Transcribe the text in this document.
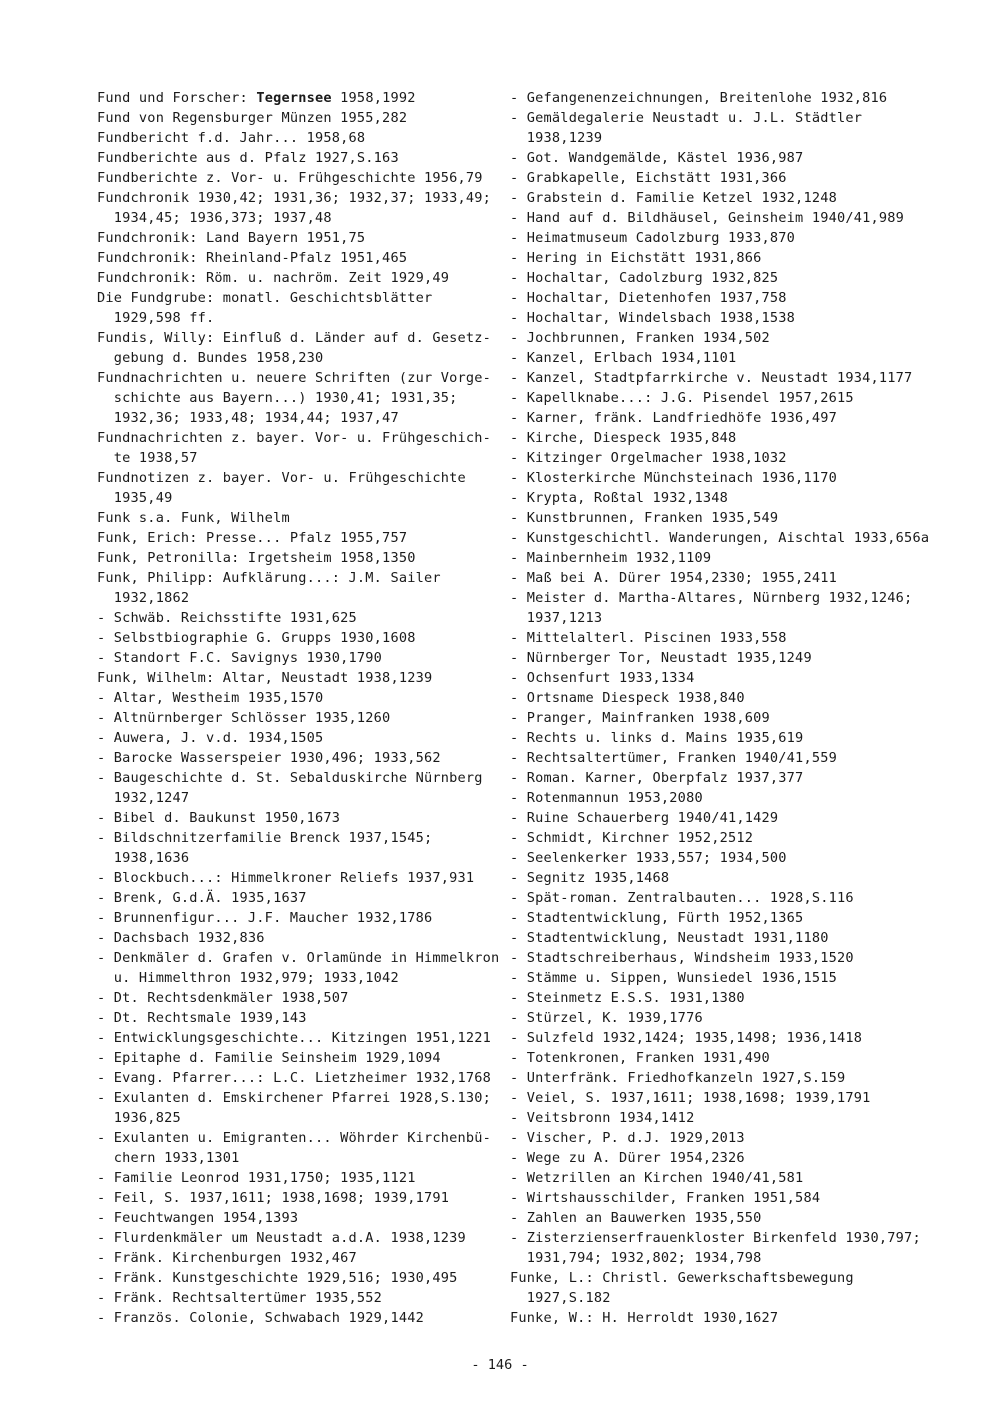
Fund und Forscher: Tegernsee 1958,1992
Fund von Regensburger Münzen 1955,282
Fundbericht f.d. Jahr... 1958,68
Fundberichte aus d. Pfalz 1927,S.163
Fundberichte z. Vor- u. Frühgeschichte 1956,79
Fundchronik 1930,42; 1931,36; 1932,37; 1933,49;
1934,45; 1936,373; 1937,48
Fundchronik: Land Bayern 1951,75
Fundchronik: Rheinland-Pfalz 1951,465
Fundchronik: Röm. u. nachröm. Zeit 1929,49
Die Fundgrube: monatl. Geschichtsblätter
1929,598 ff.
Fundis, Willy: Einfluß d. Länder auf d. Gesetz-
gebung d. Bundes 1958,230
Fundnachrichten u. neuere Schriften (zur Vorge-
schichte aus Bayern...) 1930,41; 1931,35;
1932,36; 1933,48; 1934,44; 1937,47
Fundnachrichten z. bayer. Vor- u. Frühgeschich-
te 1938,57
Fundnotizen z. bayer. Vor- u. Frühgeschichte
1935,49
Funk s.a. Funk, Wilhelm
Funk, Erich: Presse... Pfalz 1955,757
Funk, Petronilla: Irgetsheim 1958,1350
Funk, Philipp: Aufklärung...: J.M. Sailer
1932,1862
- Schwäb. Reichsstifte 1931,625
- Selbstbiographie G. Grupps 1930,1608
- Standort F.C. Savignys 1930,1790
Funk, Wilhelm: Altar, Neustadt 1938,1239
- Altar, Westheim 1935,1570
- Altnürnberger Schlösser 1935,1260
- Auwera, J. v.d. 1934,1505
- Barocke Wasserspeier 1930,496; 1933,562
- Baugeschichte d. St. Sebalduskirche Nürnberg
1932,1247
- Bibel d. Baukunst 1950,1673
- Bildschnitzerfamilie Brenck 1937,1545;
1938,1636
- Blockbuch...: Himmelkroner Reliefs 1937,931
- Brenk, G.d.Ä. 1935,1637
- Brunnenfigur... J.F. Maucher 1932,1786
- Dachsbach 1932,836
- Denkmäler d. Grafen v. Orlamünde in Himmelkron
u. Himmelthron 1932,979; 1933,1042
- Dt. Rechtsdenkmäler 1938,507
- Dt. Rechtsmale 1939,143
- Entwicklungsgeschichte... Kitzingen 1951,1221
- Epitaphe d. Familie Seinsheim 1929,1094
- Evang. Pfarrer...: L.C. Lietzheimer 1932,1768
- Exulanten d. Emskirchener Pfarrei 1928,S.130;
1936,825
- Exulanten u. Emigranten... Wöhrder Kirchenbü-
chern 1933,1301
- Familie Leonrod 1931,1750; 1935,1121
- Feil, S. 1937,1611; 1938,1698; 1939,1791
- Feuchtwangen 1954,1393
- Flurdenkmäler um Neustadt a.d.A. 1938,1239
- Fränk. Kirchenburgen 1932,467
- Fränk. Kunstgeschichte 1929,516; 1930,495
- Fränk. Rechtsaltertümer 1935,552
- Französ. Colonie, Schwabach 1929,1442
- Gefangenenzeichnungen, Breitenlohe 1932,816
- Gemäldegalerie Neustadt u. J.L. Städtler
1938,1239
- Got. Wandgemälde, Kästel 1936,987
- Grabkapelle, Eichstätt 1931,366
- Grabstein d. Familie Ketzel 1932,1248
- Hand auf d. Bildhäusel, Geinsheim 1940/41,989
- Heimatmuseum Cadolzburg 1933,870
- Hering in Eichstätt 1931,866
- Hochaltar, Cadolzburg 1932,825
- Hochaltar, Dietenhofen 1937,758
- Hochaltar, Windelsbach 1938,1538
- Jochbrunnen, Franken 1934,502
- Kanzel, Erlbach 1934,1101
- Kanzel, Stadtpfarrkirche v. Neustadt 1934,1177
- Kapellknabe...: J.G. Pisendel 1957,2615
- Karner, fränk. Landfriedhöfe 1936,497
- Kirche, Diespeck 1935,848
- Kitzinger Orgelmacher 1938,1032
- Klosterkirche Münchsteinach 1936,1170
- Krypta, Roßtal 1932,1348
- Kunstbrunnen, Franken 1935,549
- Kunstgeschichtl. Wanderungen, Aischtal 1933,656a
- Mainbernheim 1932,1109
- Maß bei A. Dürer 1954,2330; 1955,2411
- Meister d. Martha-Altares, Nürnberg 1932,1246;
1937,1213
- Mittelalterl. Piscinen 1933,558
- Nürnberger Tor, Neustadt 1935,1249
- Ochsenfurt 1933,1334
- Ortsname Diespeck 1938,840
- Pranger, Mainfranken 1938,609
- Rechts u. links d. Mains 1935,619
- Rechtsaltertümer, Franken 1940/41,559
- Roman. Karner, Oberpfalz 1937,377
- Rotenmannun 1953,2080
- Ruine Schauerberg 1940/41,1429
- Schmidt, Kirchner 1952,2512
- Seelenkerker 1933,557; 1934,500
- Segnitz 1935,1468
- Spät-roman. Zentralbauten... 1928,S.116
- Stadtentwicklung, Fürth 1952,1365
- Stadtentwicklung, Neustadt 1931,1180
- Stadtschreiberhaus, Windsheim 1933,1520
- Stämme u. Sippen, Wunsiedel 1936,1515
- Steinmetz E.S.S. 1931,1380
- Stürzel, K. 1939,1776
- Sulzfeld 1932,1424; 1935,1498; 1936,1418
- Totenkronen, Franken 1931,490
- Unterfränk. Friedhofkanzeln 1927,S.159
- Veiel, S. 1937,1611; 1938,1698; 1939,1791
- Veitsbronn 1934,1412
- Vischer, P. d.J. 1929,2013
- Wege zu A. Dürer 1954,2326
- Wetzrillen an Kirchen 1940/41,581
- Wirtshausschilder, Franken 1951,584
- Zahlen an Bauwerken 1935,550
- Zisterzienserfrauenkloster Birkenfeld 1930,797;
1931,794; 1932,802; 1934,798
Funke, L.: Christl. Gewerkschaftsbewegung
1927,S.182
Funke, W.: H. Herroldt 1930,1627
- 146 -
